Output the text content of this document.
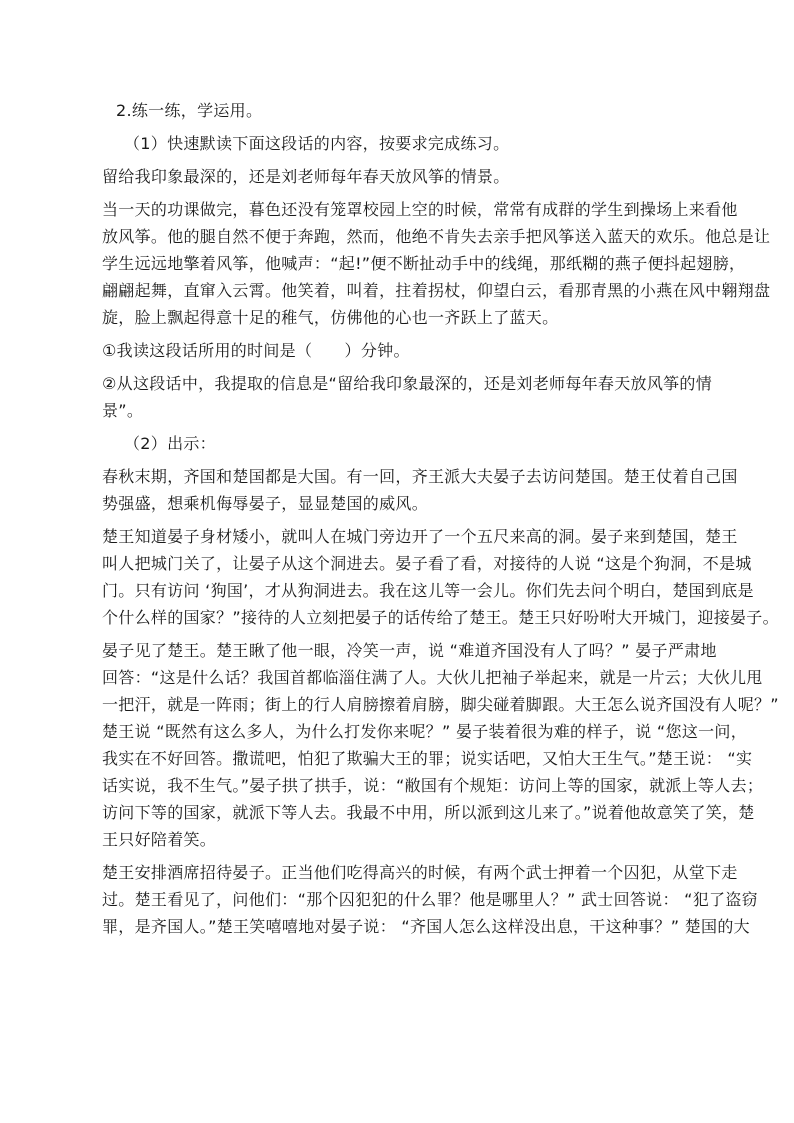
2.练一练，学运用。
（1）快速默读下面这段话的内容，按要求完成练习。
留给我印象最深的，还是刘老师每年春天放风筝的情景。
当一天的功课做完，暮色还没有笼罩校园上空的时候，常常有成群的学生到操场上来看他
放风筝。他的腿自然不便于奔跑，然而，他绝不肯失去亲手把风筝送入蓝天的欢乐。他总是让
学生远远地擎着风筝，他喊声：“起!”便不断扯动手中的线绳，那纸糊的燕子便抖起翅膀，
翩翩起舞，直窜入云霄。他笑着，叫着，拄着拐杖，仰望白云，看那青黑的小燕在风中翱翔盘
旋，脸上飘起得意十足的稚气，仿佛他的心也一齐跃上了蓝天。
①我读这段话所用的时间是（      ）分钟。
②从这段话中，我提取的信息是“留给我印象最深的，还是刘老师每年春天放风筝的情
景”。
（2）出示：
春秋末期，齐国和楚国都是大国。有一回，齐王派大夫晏子去访问楚国。楚王仗着自己国
势强盛，想乘机侮辱晏子，显显楚国的威风。
楚王知道晏子身材矮小，就叫人在城门旁边开了一个五尺来高的洞。晏子来到楚国，楚王
叫人把城门关了，让晏子从这个洞进去。晏子看了看，对接待的人说 “这是个狗洞，不是城
门。只有访问 ‘狗国’，才从狗洞进去。我在这儿等一会儿。你们先去问个明白，楚国到底是
个什么样的国家？”接待的人立刻把晏子的话传给了楚王。楚王只好吩咐大开城门，迎接晏子。
晏子见了楚王。楚王瞅了他一眼，冷笑一声，说 “难道齐国没有人了吗？” 晏子严肃地
回答：“这是什么话？我国首都临淄住满了人。大伙儿把袖子举起来，就是一片云；大伙儿甩
一把汗，就是一阵雨；街上的行人肩膀擦着肩膀，脚尖碰着脚跟。大王怎么说齐国没有人呢？”
楚王说 “既然有这么多人，为什么打发你来呢？” 晏子装着很为难的样子，说 “您这一问，
我实在不好回答。撒谎吧，怕犯了欺骗大王的罪；说实话吧，又怕大王生气。”楚王说： “实
话实说，我不生气。”晏子拱了拱手，说：“敝国有个规矩：访问上等的国家，就派上等人去；
访问下等的国家，就派下等人去。我最不中用，所以派到这儿来了。”说着他故意笑了笑，楚
王只好陪着笑。
楚王安排酒席招待晏子。正当他们吃得高兴的时候，有两个武士押着一个囚犯，从堂下走
过。楚王看见了，问他们：“那个囚犯犯的什么罪？他是哪里人？” 武士回答说： “犯了盗窃
罪，是齐国人。”楚王笑嘻嘻地对晏子说： “齐国人怎么这样没出息，干这种事？” 楚国的大
